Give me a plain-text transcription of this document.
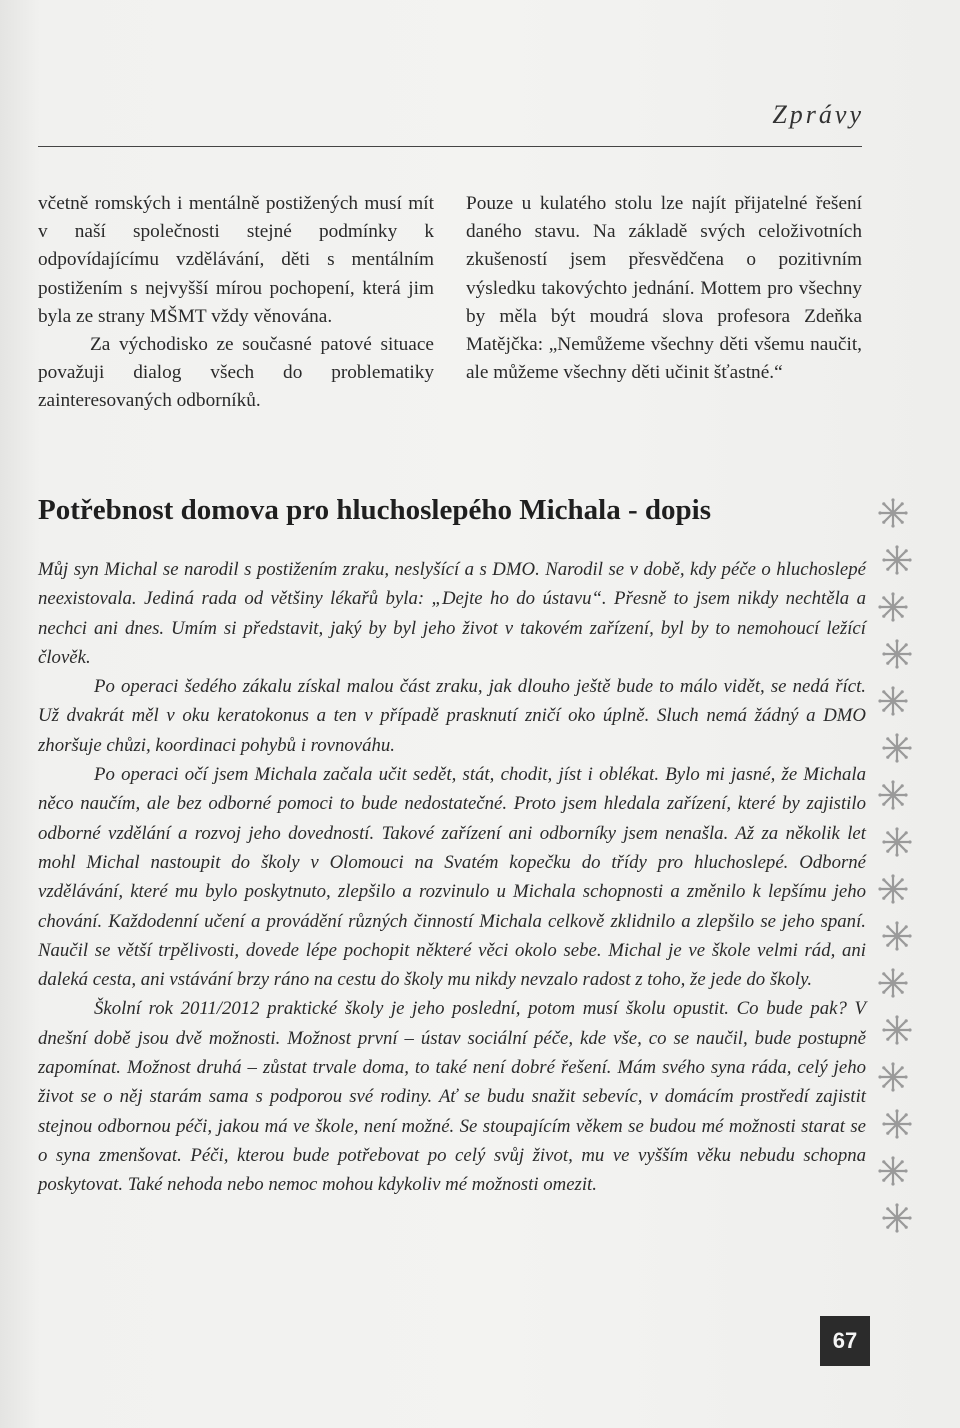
Zprávy

včetně romských i mentálně postižených musí mít v naší společnosti stejné podmínky k odpovídajícímu vzdělávání, děti s mentálním postižením s nejvyšší mírou pochopení, která jim byla ze strany MŠMT vždy věnována.

Za východisko ze současné patové situace považuji dialog všech do problematiky zainteresovaných odborníků.

Pouze u kulatého stolu lze najít přijatelné řešení daného stavu. Na základě svých celoživotních zkušeností jsem přesvědčena o pozitivním výsledku takovýchto jednání. Mottem pro všechny by měla být moudrá slova profesora Zdeňka Matějčka: „Nemůžeme všechny děti všemu naučit, ale můžeme všechny děti učinit šťastné.“

Potřebnost domova pro hluchoslepého Michala - dopis

Můj syn Michal se narodil s postižením zraku, neslyšící a s DMO. Narodil se v době, kdy péče o hluchoslepé neexistovala. Jediná rada od většiny lékařů byla: „Dejte ho do ústavu“. Přesně to jsem nikdy nechtěla a nechci ani dnes. Umím si představit, jaký by byl jeho život v takovém zařízení, byl by to nemohoucí ležící člověk.

Po operaci šedého zákalu získal malou část zraku, jak dlouho ještě bude to málo vidět, se nedá říct. Už dvakrát měl v oku keratokonus a ten v případě prasknutí zničí oko úplně. Sluch nemá žádný a DMO zhoršuje chůzi, koordinaci pohybů i rovnováhu.

Po operaci očí jsem Michala začala učit sedět, stát, chodit, jíst i oblékat. Bylo mi jasné, že Michala něco naučím, ale bez odborné pomoci to bude nedostatečné. Proto jsem hledala zařízení, které by zajistilo odborné vzdělání a rozvoj jeho dovedností. Takové zařízení ani odborníky jsem nenašla. Až za několik let mohl Michal nastoupit do školy v Olomouci na Svatém kopečku do třídy pro hluchoslepé. Odborné vzdělávání, které mu bylo poskytnuto, zlepšilo a rozvinulo u Michala schopnosti a změnilo k lepšímu jeho chování. Každodenní učení a provádění různých činností Michala celkově zklidnilo a zlepšilo se jeho spaní. Naučil se větší trpělivosti, dovede lépe pochopit některé věci okolo sebe. Michal je ve škole velmi rád, ani daleká cesta, ani vstávání brzy ráno na cestu do školy mu nikdy nevzalo radost z toho, že jede do školy.

Školní rok 2011/2012 praktické školy je jeho poslední, potom musí školu opustit. Co bude pak? V dnešní době jsou dvě možnosti. Možnost první – ústav sociální péče, kde vše, co se naučil, bude postupně zapomínat. Možnost druhá – zůstat trvale doma, to také není dobré řešení. Mám svého syna ráda, celý jeho život se o něj starám sama s podporou své rodiny. Ať se budu snažit sebevíc, v domácím prostředí zajistit stejnou odbornou péči, jakou má ve škole, není možné. Se stoupajícím věkem se budou mé možnosti starat se o syna zmenšovat. Péči, kterou bude potřebovat po celý svůj život, mu ve vyšším věku nebudu schopna poskytovat. Také nehoda nebo nemoc mohou kdykoliv mé možnosti omezit.

67
